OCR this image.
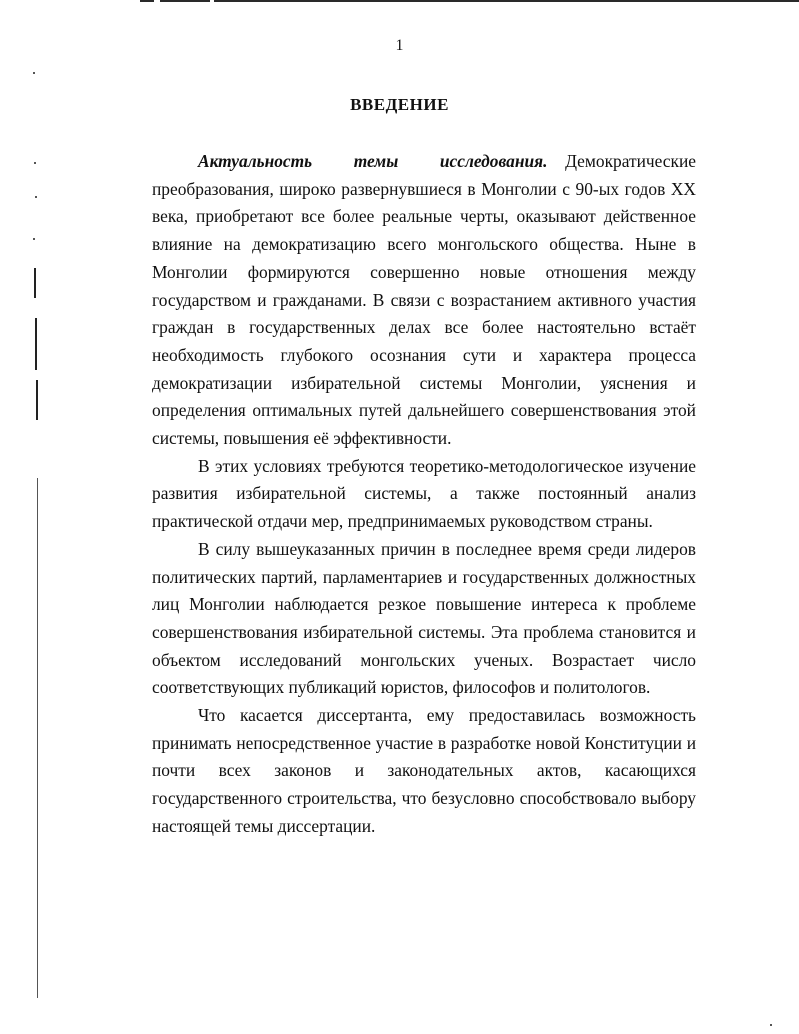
1
ВВЕДЕНИЕ

Актуальность темы исследования. Демократические преобразования, широко развернувшиеся в Монголии с 90-ых годов XX века, приобретают все более реальные черты, оказывают действенное влияние на демократизацию всего монгольского общества. Ныне в Монголии формируются совершенно новые отношения между государством и гражданами. В связи с возрастанием активного участия граждан в государственных делах все более настоятельно встаёт необходимость глубокого осознания сути и характера процесса демократизации избирательной системы Монголии, уяснения и определения оптимальных путей дальнейшего совершенствования этой системы, повышения её эффективности.

В этих условиях требуются теоретико-методологическое изучение развития избирательной системы, а также постоянный анализ практической отдачи мер, предпринимаемых руководством страны.

В силу вышеуказанных причин в последнее время среди лидеров политических партий, парламентариев и государственных должностных лиц Монголии наблюдается резкое повышение интереса к проблеме совершенствования избирательной системы. Эта проблема становится и объектом исследований монгольских ученых. Возрастает число соответствующих публикаций юристов, философов и политологов.

Что касается диссертанта, ему предоставилась возможность принимать непосредственное участие в разработке новой Конституции и почти всех законов и законодательных актов, касающихся государственного строительства, что безусловно способствовало выбору настоящей темы диссертации.
